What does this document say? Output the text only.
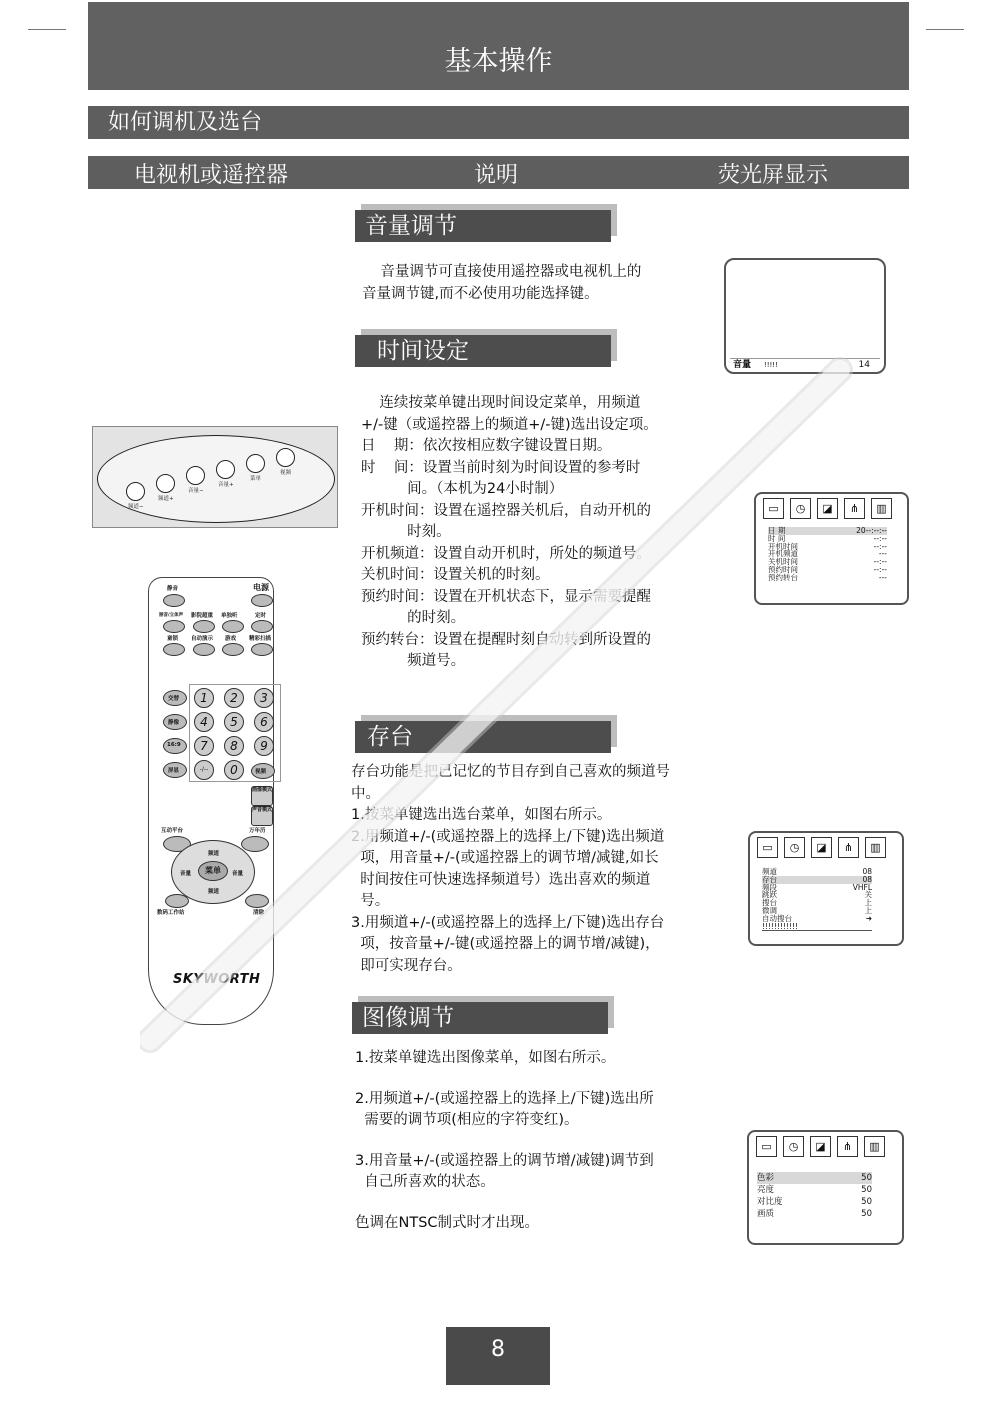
基本操作
如何调机及选台
电视机或遥控器	说明	荧光屏显示
音量调节
音量调节可直接使用遥控器或电视机上的
音量调节键,而不必使用功能选择键。
音量 !!!!!	14
时间设定
连续按菜单键出现时间设定菜单，用频道
+/-键（或遥控器上的频道+/-键)选出设定项。
日    期：依次按相应数字键设置日期。
时    间：设置当前时刻为时间设置的参考时
间。（本机为24小时制）
开机时间：设置在遥控器关机后，自动开机的
时刻。
开机频道：设置自动开机时，所处的频道号。
关机时间：设置关机的时刻。
预约时间：设置在开机状态下，显示需要提醒
的时刻。
预约转台：设置在提醒时刻自动转到所设置的
频道号。
▭	◷	◪	⋔	▥
日 期	20--:--:--
时 间	--:--
开机时间	--:--
开机频道	---
关机时间	--:--
预约时间	--:--
预约转台	---
频道−
频道+
音量−
音量+
菜单
视频
静音	电源
丽音/立体声 影院超重 单独听	定时
童锁 自动演示 游戏 精彩扫描
交替
静像
16:9
屏显
1	2	3
4	5	6
7	8	9
-/--	0	视频
画像模式
声音模式
互动平台	万年历
频道
频道
音量	音量
菜单
数码工作站	清除
SKYWORTH
存台
存台功能是把已记忆的节目存到自己喜欢的频道号
中。
1.按菜单键选出选台菜单，如图右所示。
2.用频道+/-(或遥控器上的选择上/下键)选出频道
项，用音量+/-(或遥控器上的调节增/减键,如长
时间按住可快速选择频道号）选出喜欢的频道
号。
3.用频道+/-(或遥控器上的选择上/下键)选出存台
项，按音量+/-键(或遥控器上的调节增/减键)，
即可实现存台。
▭	◷	◪	⋔	▥
频道	08
存台	08
频段	VHFL
跳跃	关
搜台	上
微调	上
自动搜台	➜
!!!!!!!!!!!!
图像调节
1.按菜单键选出图像菜单，如图右所示。
2.用频道+/-(或遥控器上的选择上/下键)选出所
需要的调节项(相应的字符变红)。
3.用音量+/-(或遥控器上的调节增/减键)调节到
自己所喜欢的状态。
色调在NTSC制式时才出现。
▭	◷	◪	⋔	▥
色彩	50
亮度	50
对比度	50
画质	50
8
